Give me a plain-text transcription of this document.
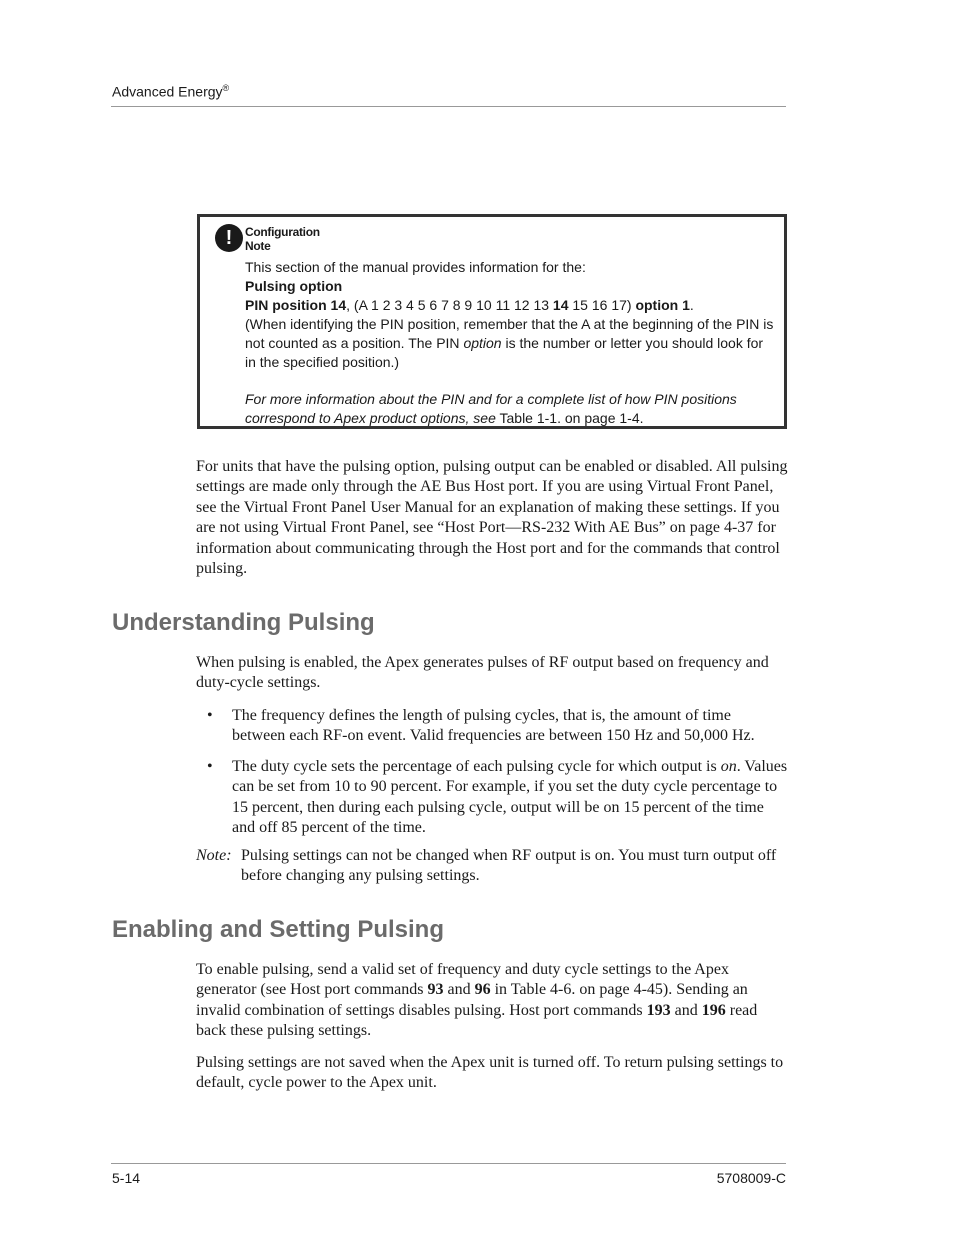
Advanced Energy®
!	Configuration
Note

This section of the manual provides information for the:

Pulsing option

PIN position 14, (A 1 2 3 4 5 6 7 8 9 10 11 12 13 14 15 16 17) option 1.

(When identifying the PIN position, remember that the A at the beginning of the PIN is not counted as a position. The PIN option is the number or letter you should look for in the specified position.)

For more information about the PIN and for a complete list of how PIN positions correspond to Apex product options, see Table 1-1. on page 1-4.

For units that have the pulsing option, pulsing output can be enabled or disabled. All pulsing settings are made only through the AE Bus Host port. If you are using Virtual Front Panel, see the Virtual Front Panel User Manual for an explanation of making these settings. If you are not using Virtual Front Panel, see “Host Port—RS-232 With AE Bus” on page 4-37 for information about communicating through the Host port and for the commands that control pulsing.

Understanding Pulsing

When pulsing is enabled, the Apex generates pulses of RF output based on frequency and duty-cycle settings.

• The frequency defines the length of pulsing cycles, that is, the amount of time between each RF-on event. Valid frequencies are between 150 Hz and 50,000 Hz.
• The duty cycle sets the percentage of each pulsing cycle for which output is on. Values can be set from 10 to 90 percent. For example, if you set the duty cycle percentage to 15 percent, then during each pulsing cycle, output will be on 15 percent of the time and off 85 percent of the time.
Note: Pulsing settings can not be changed when RF output is on. You must turn output off before changing any pulsing settings.
Enabling and Setting Pulsing

To enable pulsing, send a valid set of frequency and duty cycle settings to the Apex generator (see Host port commands 93 and 96 in Table 4-6. on page 4-45). Sending an invalid combination of settings disables pulsing. Host port commands 193 and 196 read back these pulsing settings.

Pulsing settings are not saved when the Apex unit is turned off. To return pulsing settings to default, cycle power to the Apex unit.

5-14	5708009-C
